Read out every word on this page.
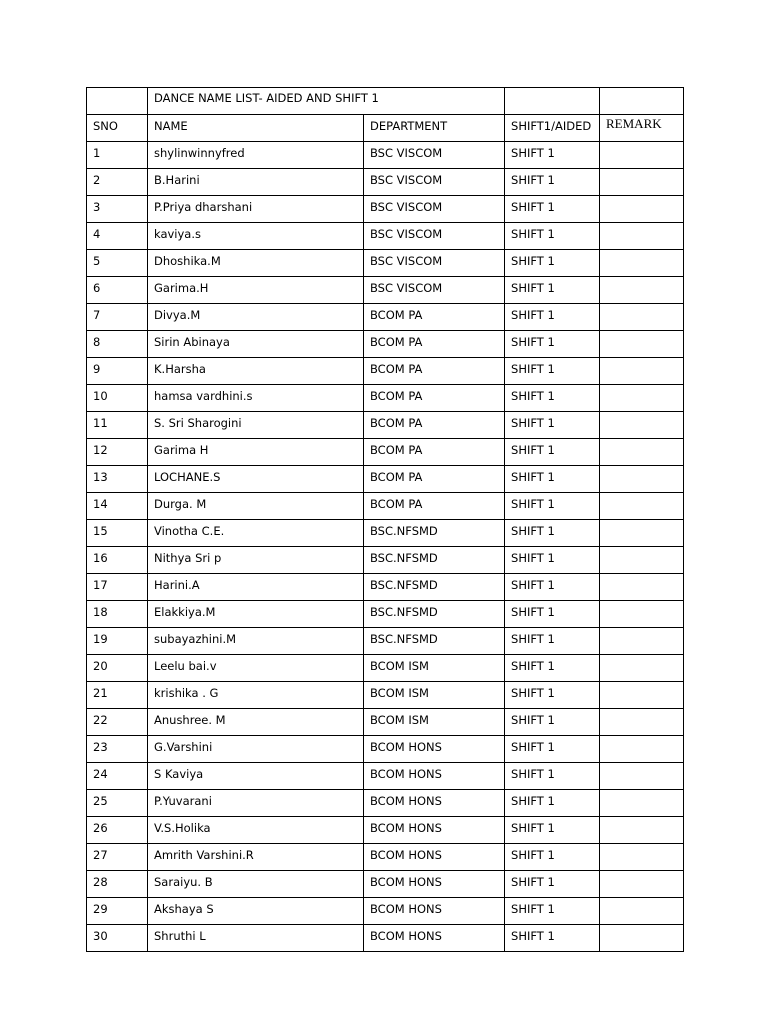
	DANCE NAME LIST- AIDED AND SHIFT 1			
SNO	NAME	DEPARTMENT	SHIFT1/AIDED	REMARK
1	shylinwinnyfred	BSC VISCOM	SHIFT 1	
2	B.Harini	BSC VISCOM	SHIFT 1	
3	P.Priya dharshani	BSC VISCOM	SHIFT 1	
4	kaviya.s	BSC VISCOM	SHIFT 1	
5	Dhoshika.M	BSC VISCOM	SHIFT 1	
6	Garima.H	BSC VISCOM	SHIFT 1	
7	Divya.M	BCOM PA	SHIFT 1	
8	Sirin Abinaya	BCOM PA	SHIFT 1	
9	K.Harsha	BCOM PA	SHIFT 1	
10	hamsa vardhini.s	BCOM PA	SHIFT 1	
11	S. Sri Sharogini	BCOM PA	SHIFT 1	
12	Garima H	BCOM PA	SHIFT 1	
13	LOCHANE.S	BCOM PA	SHIFT 1	
14	Durga. M	BCOM PA	SHIFT 1	
15	Vinotha C.E.	BSC.NFSMD	SHIFT 1	
16	Nithya Sri p	BSC.NFSMD	SHIFT 1	
17	Harini.A	BSC.NFSMD	SHIFT 1	
18	Elakkiya.M	BSC.NFSMD	SHIFT 1	
19	subayazhini.M	BSC.NFSMD	SHIFT 1	
20	Leelu bai.v	BCOM ISM	SHIFT 1	
21	krishika . G	BCOM ISM	SHIFT 1	
22	Anushree. M	BCOM ISM	SHIFT 1	
23	G.Varshini	BCOM HONS	SHIFT 1	
24	S Kaviya	BCOM HONS	SHIFT 1	
25	P.Yuvarani	BCOM HONS	SHIFT 1	
26	V.S.Holika	BCOM HONS	SHIFT 1	
27	Amrith Varshini.R	BCOM HONS	SHIFT 1	
28	Saraiyu. B	BCOM HONS	SHIFT 1	
29	Akshaya S	BCOM HONS	SHIFT 1	
30	Shruthi L	BCOM HONS	SHIFT 1	
